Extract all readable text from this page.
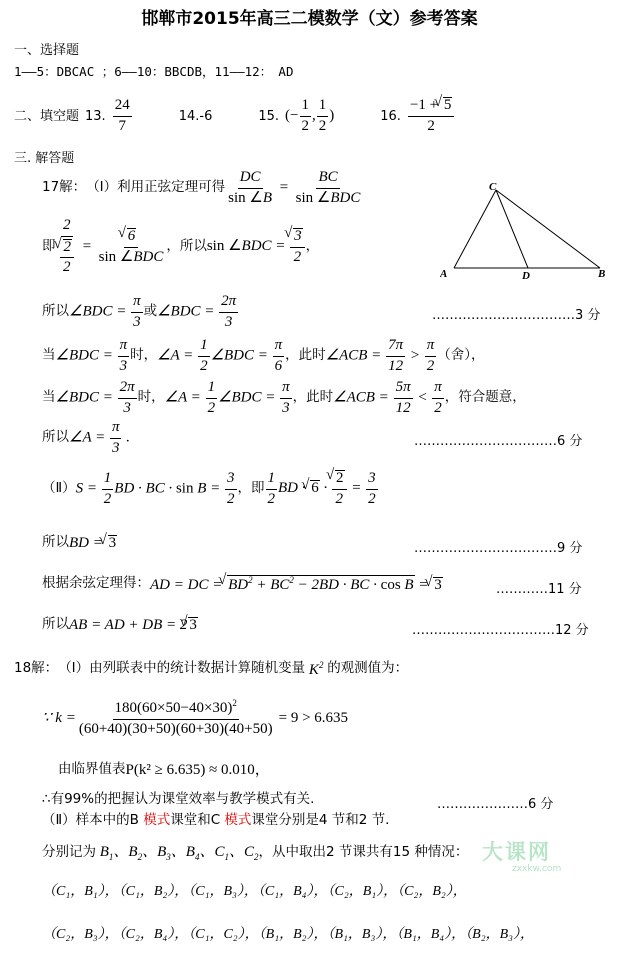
邯郸市2015年高三二模数学（文）参考答案
一、选择题
1——5：DBCAC ；6——10：BBCDB，11——12：　AD
二、填空题 13. $\frac{24}{7}$	14.-6	15. (− $\frac{1}{2}$ , $\frac{1}{2}$ )	16. $\frac{-1 + √ 5}{2}$
三. 解答题
17解： （Ⅰ）利用正弦定理可得 $\frac{DC}{\sin \angle B} = \frac{BC}{\text{sin ∠BDC}}$	C
A	D	B
即 2
√ $\frac{2}{2}$ = √ $\frac{6}{\text{sin ∠BDC}}$ ，所以 sin ∠BDC = √ $\frac{3}{2}$ ，
所以 ∠BDC = $\frac{\pi}{3}$ 或 ∠BDC = $\frac{2\pi}{3}$	……………………………3 分
当 ∠BDC = $\frac{\pi}{3}$ 时， ∠A = $\frac{1}{2}$ ∠BDC = $\frac{\pi}{6}$ ，此时 ∠ACB = $\frac{7\pi}{12} > \frac{\pi}{2}$ （舍），
当 ∠BDC = $\frac{2\pi}{3}$ 时， ∠A = $\frac{1}{2}$ ∠BDC = $\frac{\pi}{3}$ ，此时 ∠ACB = $\frac{5\pi}{12} < \frac{\pi}{2}$ ，符合题意，
所以 ∠A = $\frac{\pi}{3}$ .	……………………………6 分
（Ⅱ） $S = \frac{1}{2}$ BD · BC · $\sin B = \frac{3}{2}$ ，即 $\frac{1}{2}$ BD · √ 6 · √ $\frac{2}{2} = \frac{3}{2}$
所以 BD = √ 3	……………………………9 分
根据余弦定理得： AD = DC = √ $BD^2 + BC^2 - 2BD$ · BC · cos B = √ 3	…………11 分
所以 AB = AD + DB = 2 √ 3	……………………………12 分
18解： （Ⅰ）由列联表中的统计数据计算随机变量 $K^2$ 的观测值为：
∵ $k = \frac{180(60\times 50-40\times 30)^2}{(60+40)(30+50)(60+30)(40+50)} = 9 > 6.635$
由临界值表 P(k² ≥ 6.635) ≈ 0.010，
∴有99%的把握认为课堂效率与教学模式有关.	…………………6 分
（Ⅱ）样本中的B 模式课堂和C 模式课堂分别是4 节和2 节.
分别记为 $B_1$、$B_2$、$B_3$、$B_4$、$C_1$、$C_2$ ，从中取出2 节课共有15 种情况：
（C₁，B₁），（C₁，B₂），（C₁，B₃），（C₁，B₄），（C₂，B₁），（C₂，B₂），
（C₂，B₃），（C₂，B₄），（C₁，C₂），（B₁，B₂），（B₁，B₃），（B₁，B₄），（B₂，B₃），
大课网
zxxkw.com
